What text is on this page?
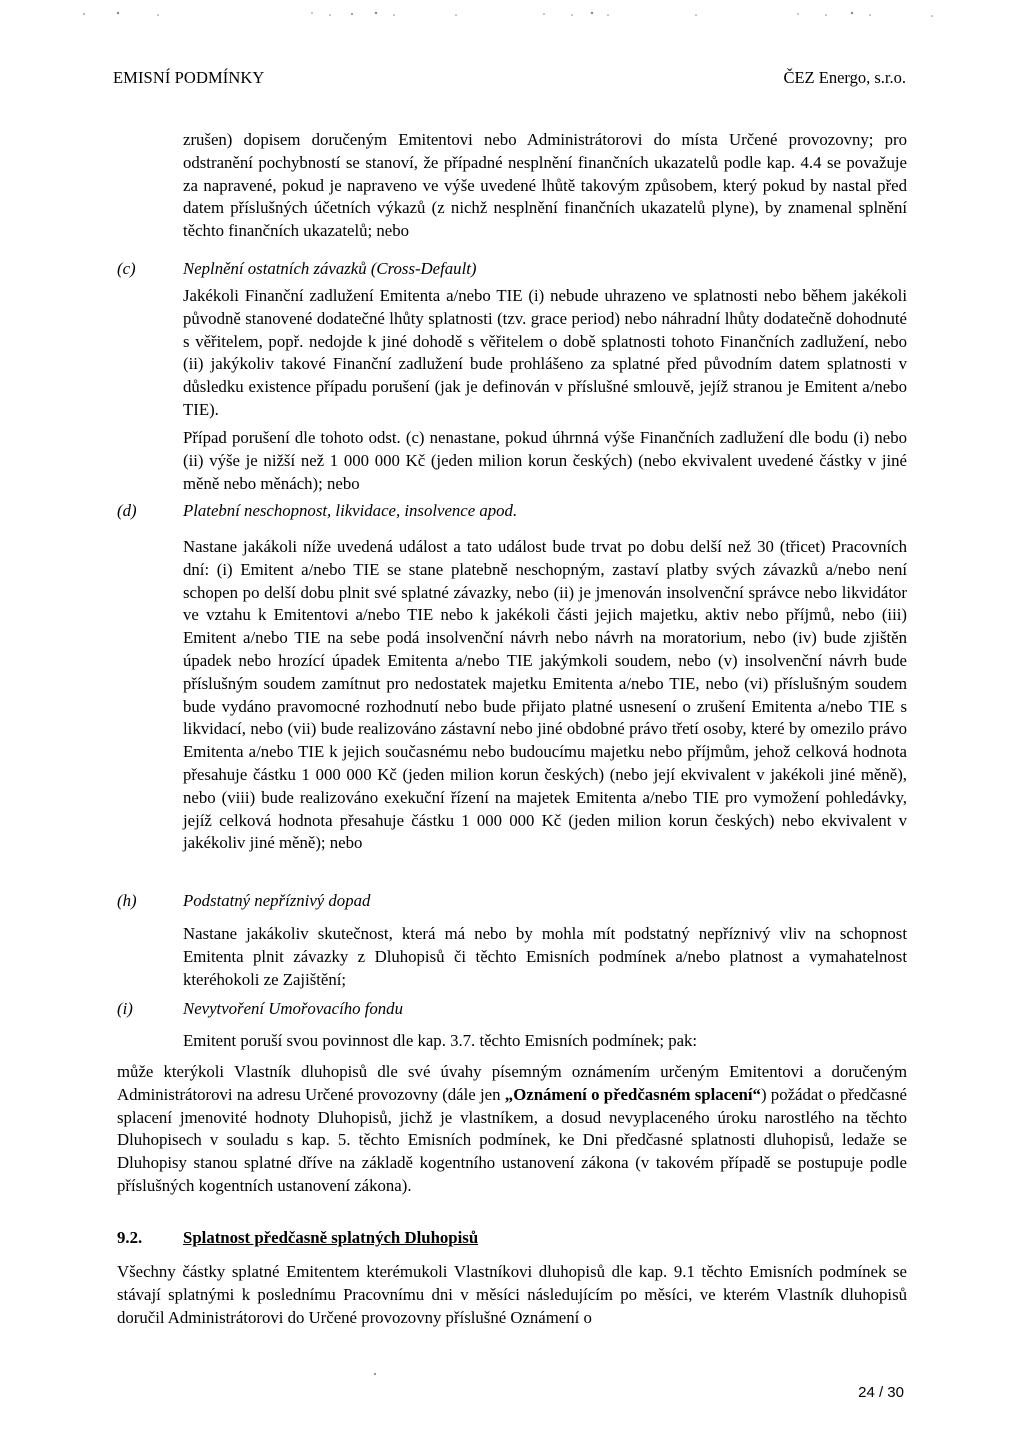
EMISNÍ PODMÍNKY	ČEZ Energo, s.r.o.

zrušen) dopisem doručeným Emitentovi nebo Administrátorovi do místa Určené provozovny; pro odstranění pochybností se stanoví, že případné nesplnění finančních ukazatelů podle kap. 4.4 se považuje za napravené, pokud je napraveno ve výše uvedené lhůtě takovým způsobem, který pokud by nastal před datem příslušných účetních výkazů (z nichž nesplnění finančních ukazatelů plyne), by znamenal splnění těchto finančních ukazatelů; nebo

(c)	Neplnění ostatních závazků (Cross-Default)

Jakékoli Finanční zadlužení Emitenta a/nebo TIE (i) nebude uhrazeno ve splatnosti nebo během jakékoli původně stanovené dodatečné lhůty splatnosti (tzv. grace period) nebo náhradní lhůty dodatečně dohodnuté s věřitelem, popř. nedojde k jiné dohodě s věřitelem o době splatnosti tohoto Finančních zadlužení, nebo (ii) jakýkoliv takové Finanční zadlužení bude prohlášeno za splatné před původním datem splatnosti v důsledku existence případu porušení (jak je definován v příslušné smlouvě, jejíž stranou je Emitent a/nebo TIE).

Případ porušení dle tohoto odst. (c) nenastane, pokud úhrnná výše Finančních zadlužení dle bodu (i) nebo (ii) výše je nižší než 1 000 000 Kč (jeden milion korun českých) (nebo ekvivalent uvedené částky v jiné měně nebo měnách); nebo

(d)	Platební neschopnost, likvidace, insolvence apod.

Nastane jakákoli níže uvedená událost a tato událost bude trvat po dobu delší než 30 (třicet) Pracovních dní: (i) Emitent a/nebo TIE se stane platebně neschopným, zastaví platby svých závazků a/nebo není schopen po delší dobu plnit své splatné závazky, nebo (ii) je jmenován insolvenční správce nebo likvidátor ve vztahu k Emitentovi a/nebo TIE nebo k jakékoli části jejich majetku, aktiv nebo příjmů, nebo (iii) Emitent a/nebo TIE na sebe podá insolvenční návrh nebo návrh na moratorium, nebo (iv) bude zjištěn úpadek nebo hrozící úpadek Emitenta a/nebo TIE jakýmkoli soudem, nebo (v) insolvenční návrh bude příslušným soudem zamítnut pro nedostatek majetku Emitenta a/nebo TIE, nebo (vi) příslušným soudem bude vydáno pravomocné rozhodnutí nebo bude přijato platné usnesení o zrušení Emitenta a/nebo TIE s likvidací, nebo (vii) bude realizováno zástavní nebo jiné obdobné právo třetí osoby, které by omezilo právo Emitenta a/nebo TIE k jejich současnému nebo budoucímu majetku nebo příjmům, jehož celková hodnota přesahuje částku 1 000 000 Kč (jeden milion korun českých) (nebo její ekvivalent v jakékoli jiné měně), nebo (viii) bude realizováno exekuční řízení na majetek Emitenta a/nebo TIE pro vymožení pohledávky, jejíž celková hodnota přesahuje částku 1 000 000 Kč (jeden milion korun českých) nebo ekvivalent v jakékoliv jiné měně); nebo

(h)	Podstatný nepříznivý dopad

Nastane jakákoliv skutečnost, která má nebo by mohla mít podstatný nepříznivý vliv na schopnost Emitenta plnit závazky z Dluhopisů či těchto Emisních podmínek a/nebo platnost a vymahatelnost kteréhokoli ze Zajištění;

(i)	Nevytvoření Umořovacího fondu

Emitent poruší svou povinnost dle kap. 3.7. těchto Emisních podmínek; pak:

může kterýkoli Vlastník dluhopisů dle své úvahy písemným oznámením určeným Emitentovi a doručeným Administrátorovi na adresu Určené provozovny (dále jen „Oznámení o předčasném splacení“) požádat o předčasné splacení jmenovité hodnoty Dluhopisů, jichž je vlastníkem, a dosud nevyplaceného úroku narostlého na těchto Dluhopisech v souladu s kap. 5. těchto Emisních podmínek, ke Dni předčasné splatnosti dluhopisů, ledaže se Dluhopisy stanou splatné dříve na základě kogentního ustanovení zákona (v takovém případě se postupuje podle příslušných kogentních ustanovení zákona).

9.2. Splatnost předčasně splatných Dluhopisů

Všechny částky splatné Emitentem kterémukoli Vlastníkovi dluhopisů dle kap. 9.1 těchto Emisních podmínek se stávají splatnými k poslednímu Pracovnímu dni v měsíci následujícím po měsíci, ve kterém Vlastník dluhopisů doručil Administrátorovi do Určené provozovny příslušné Oznámení o

24 / 30
